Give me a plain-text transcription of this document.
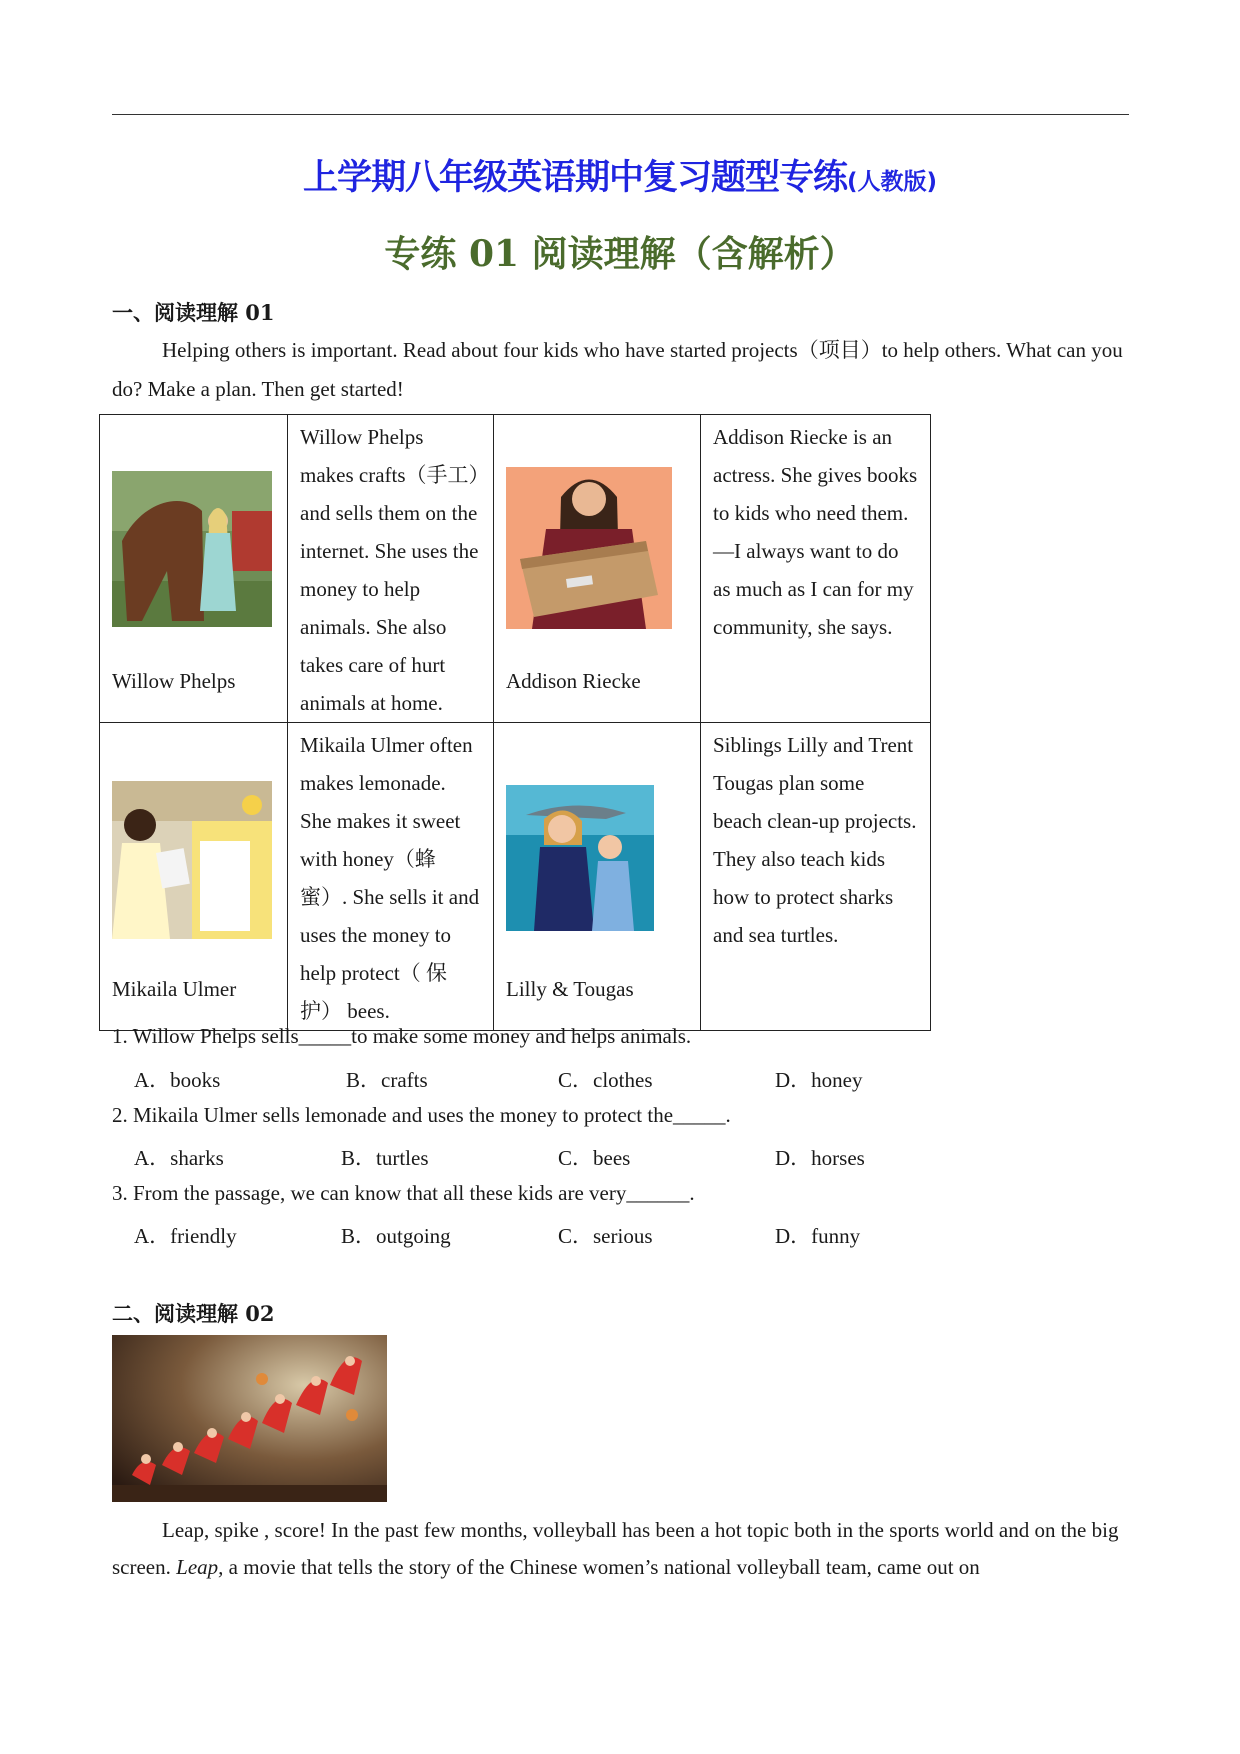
上学期八年级英语期中复习题型专练(人教版)
专练 01 阅读理解（含解析）
一、阅读理解 01
Helping others is important. Read about four kids who have started projects（项目）to help others. What can you do? Make a plan. Then get started!
Willow Phelps	Willow Phelps makes crafts（手工）and sells them on the internet. She uses the money to help animals. She also takes care of hurt animals at home.	Addison Riecke	Addison Riecke is an actress. She gives books to kids who need them. —I always want to do as much as I can for my community, she says.

Mikaila Ulmer	Mikaila Ulmer often makes lemonade. She makes it sweet with honey（蜂蜜）. She sells it and uses the money to help protect（ 保护） bees.	Lilly & Tougas	Siblings Lilly and Trent Tougas plan some beach clean-up projects. They also teach kids how to protect sharks and sea turtles.
1. Willow Phelps sells_____to make some money and helps animals.
A．books	B．crafts	C．clothes	D．honey
2. Mikaila Ulmer sells lemonade and uses the money to protect the_____.
A．sharks	B．turtles	C．bees	D．horses
3. From the passage, we can know that all these kids are very______.
A．friendly	B．outgoing	C．serious	D．funny
二、阅读理解 02
Leap, spike , score! In the past few months, volleyball has been a hot topic both in the sports world and on the big screen. Leap, a movie that tells the story of the Chinese women’s national volleyball team, came out on
